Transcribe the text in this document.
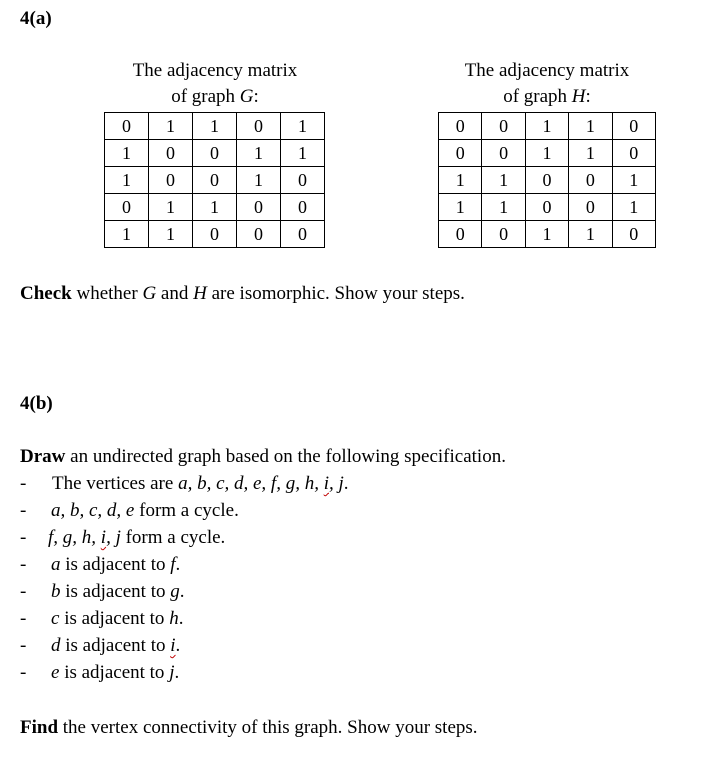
4(a)
The adjacency matrix
of graph G:
The adjacency matrix
of graph H:
0	1	1	0	1
1	0	0	1	1
1	0	0	1	0
0	1	1	0	0
1	1	0	0	0
0	0	1	1	0
0	0	1	1	0
1	1	0	0	1
1	1	0	0	1
0	0	1	1	0
Check whether G and H are isomorphic. Show your steps.
4(b)
Draw an undirected graph based on the following specification.
- The vertices are a, b, c, d, e, f, g, h, i, j.
- a, b, c, d, e form a cycle.
- f, g, h, i, j form a cycle.
- a is adjacent to f.
- b is adjacent to g.
- c is adjacent to h.
- d is adjacent to i.
- e is adjacent to j.
Find the vertex connectivity of this graph. Show your steps.
